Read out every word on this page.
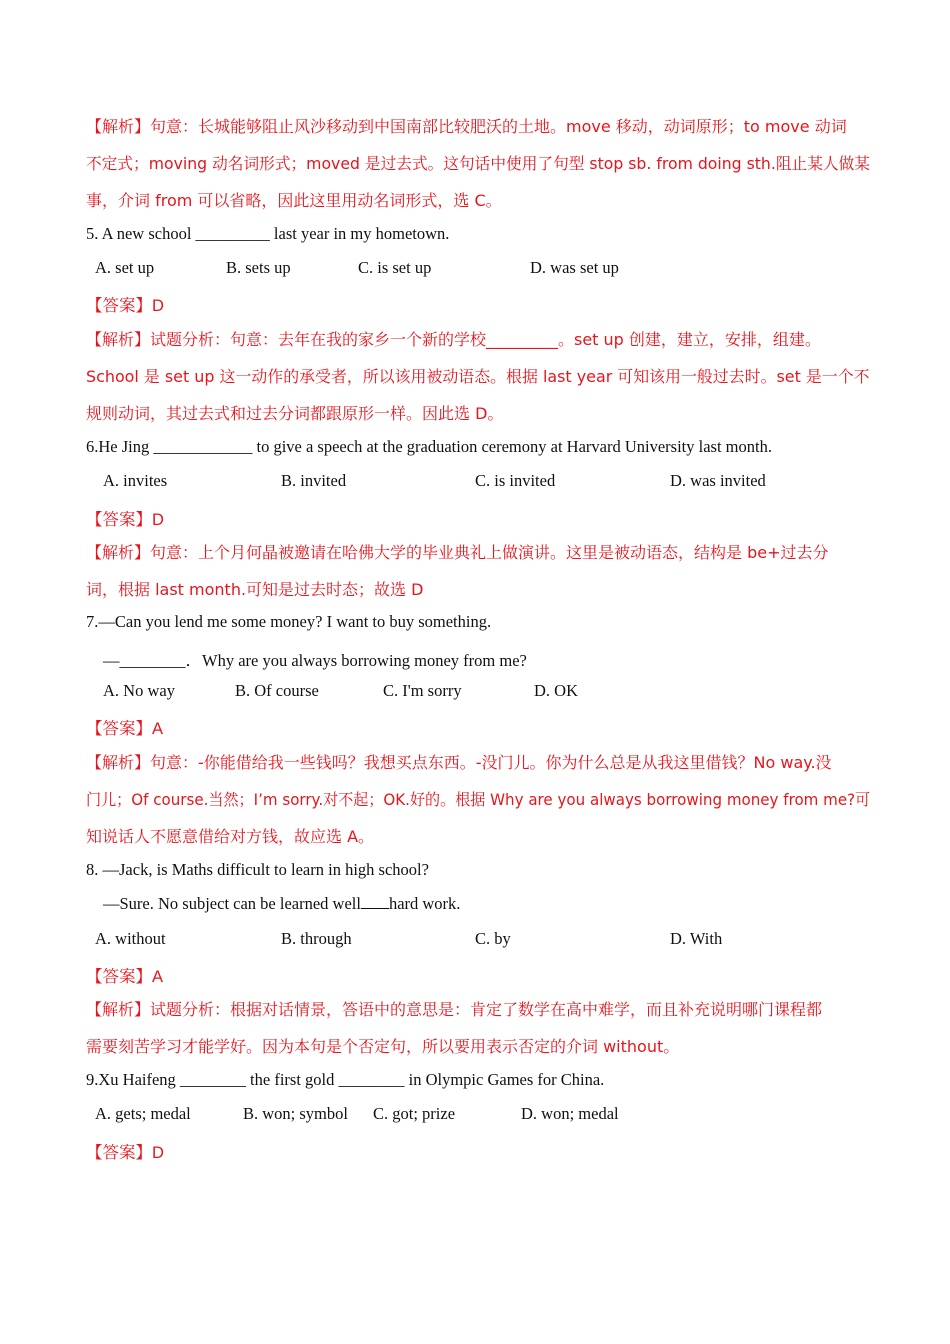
【解析】句意：长城能够阻止风沙移动到中国南部比较肥沃的土地。move 移动，动词原形；to move 动词
不定式；moving 动名词形式；moved 是过去式。这句话中使用了句型 stop sb. from doing sth.阻止某人做某
事，介词 from 可以省略，因此这里用动名词形式，选 C。
5. A new school _________ last year in my hometown.
A. set up	B. sets up	C. is set up	D. was set up
【答案】D
【解析】试题分析：句意：去年在我的家乡一个新的学校_________。set up 创建，建立，安排，组建。
School 是 set up 这一动作的承受者，所以该用被动语态。根据 last year 可知该用一般过去时。set 是一个不
规则动词，其过去式和过去分词都跟原形一样。因此选 D。
6.He Jing ____________ to give a speech at the graduation ceremony at Harvard University last month.
A. invites	B. invited	C. is invited	D. was invited
【答案】D
【解析】句意：上个月何晶被邀请在哈佛大学的毕业典礼上做演讲。这里是被动语态，结构是 be+过去分
词，根据 last month.可知是过去时态；故选 D
7.—Can you lend me some money? I want to buy something.
—________．Why are you always borrowing money from me?
A. No way	B. Of course	C. I'm sorry	D. OK
【答案】A
【解析】句意：-你能借给我一些钱吗？我想买点东西。-没门儿。你为什么总是从我这里借钱？No way.没
门儿；Of course.当然；I’m sorry.对不起；OK.好的。根据 Why are you always borrowing money from me?可
知说话人不愿意借给对方钱，故应选 A。
8. —Jack, is Maths difficult to learn in high school?
—Sure. No subject can be learned well hard work.
A. without	B. through	C. by	D. With
【答案】A
【解析】试题分析：根据对话情景，答语中的意思是：肯定了数学在高中难学，而且补充说明哪门课程都
需要刻苦学习才能学好。因为本句是个否定句，所以要用表示否定的介词 without。
9.Xu Haifeng ________ the first gold ________ in Olympic Games for China.
A. gets; medal	B. won; symbol C. got; prize	D. won; medal
【答案】D
